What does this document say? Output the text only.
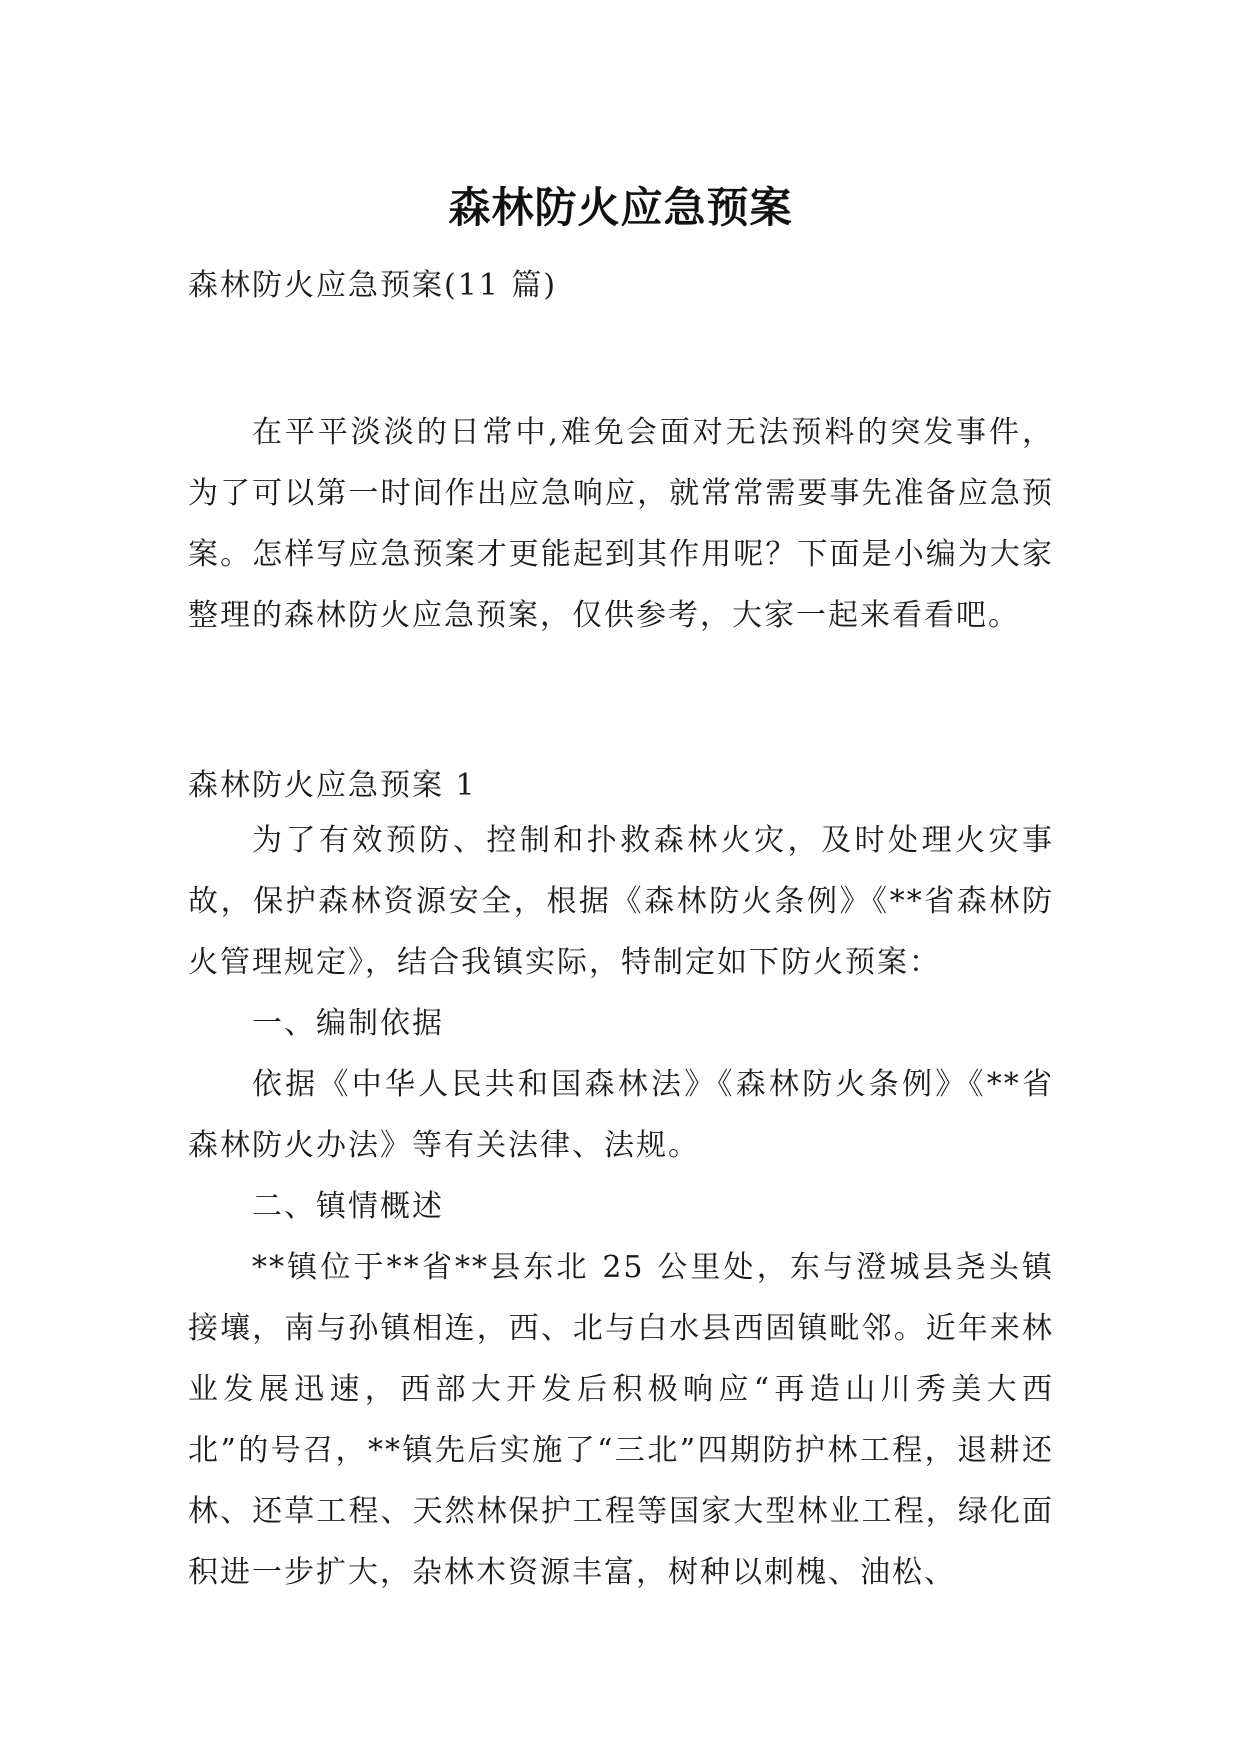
森林防火应急预案

森林防火应急预案(11 篇)

在平平淡淡的日常中,难免会面对无法预料的突发事件，为了可以第一时间作出应急响应，就常常需要事先准备应急预案。怎样写应急预案才更能起到其作用呢？下面是小编为大家整理的森林防火应急预案，仅供参考，大家一起来看看吧。

森林防火应急预案 1

为了有效预防、控制和扑救森林火灾，及时处理火灾事故，保护森林资源安全，根据《森林防火条例》《**省森林防火管理规定》，结合我镇实际，特制定如下防火预案：

一、编制依据

依据《中华人民共和国森林法》《森林防火条例》《**省森林防火办法》等有关法律、法规。

二、镇情概述

**镇位于**省**县东北 25 公里处，东与澄城县尧头镇接壤，南与孙镇相连，西、北与白水县西固镇毗邻。近年来林业发展迅速，西部大开发后积极响应“再造山川秀美大西北”的号召，**镇先后实施了“三北”四期防护林工程，退耕还林、还草工程、天然林保护工程等国家大型林业工程，绿化面积进一步扩大，杂林木资源丰富，树种以刺槐、油松、
